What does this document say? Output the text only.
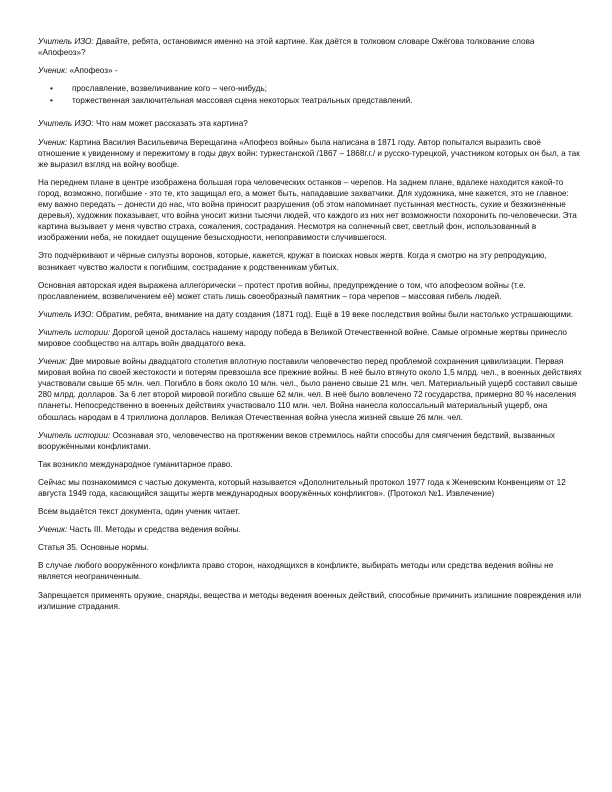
Учитель ИЗО: Давайте, ребята, остановимся именно на этой картине. Как даётся в толковом словаре Ожёгова толкование слова «Апофеоз»?

Ученик: «Апофеоз» -

• прославление, возвеличивание кого – чего-нибудь;
• торжественная заключительная массовая сцена некоторых театральных представлений.

Учитель ИЗО: Что нам может рассказать эта картина?

Ученик: Картина Василия Васильевича Верещагина «Апофеоз войны» была написана в 1871 году. Автор попытался выразить своё отношение к увиденному и пережитому в годы двух войн: туркестанской /1867 – 1868г.г./ и русско-турецкой, участником которых он был, а так же выразил взгляд на войну вообще.

На переднем плане в центре изображена большая гора человеческих останков – черепов. На заднем плане, вдалеке находится какой-то город, возможно, погибшие - это те, кто защищал его, а может быть, нападавшие захватчики. Для художника, мне кажется, это не главное: ему важно передать – донести до нас, что война приносит разрушения (об этом напоминает пустынная местность, сухие и безжизненные деревья), художник показывает, что война уносит жизни тысячи людей, что каждого из них нет возможности похоронить по-человечески. Эта картина вызывает у меня чувство страха, сожаления, сострадания. Несмотря на солнечный свет, светлый фон, использованный в изображении неба, не покидает ощущение безысходности, непоправимости случившегося.

Это подчёркивают и чёрные силуэты воронов, которые, кажется, кружат в поисках новых жертв. Когда я смотрю на эту репродукцию, возникает чувство жалости к погибшим, сострадание к родственникам убитых.

Основная авторская идея выражена аллегорически – протест против войны, предупреждение о том, что апофеозом войны (т.е. прославлением, возвеличением её) может стать лишь своеобразный памятник – гора черепов – массовая гибель людей.

Учитель ИЗО: Обратим, ребята, внимание на дату создания (1871 год). Ещё в 19 веке последствия войны были настолько устрашающими.

Учитель истории: Дорогой ценой досталась нашему народу победа в Великой Отечественной войне. Самые огромные жертвы принесло мировое сообщество на алтарь войн двадцатого века.

Ученик: Две мировые войны двадцатого столетия вплотную поставили человечество перед проблемой сохранения цивилизации. Первая мировая война по своей жестокости и потерям превзошла все прежние войны. В неё было втянуто около 1,5 млрд. чел., в военных действиях участвовали свыше 65 млн. чел. Погибло в боях около 10 млн. чел., было ранено свыше 21 млн. чел. Материальный ущерб составил свыше 280 млрд. долларов. За 6 лет второй мировой погибло свыше 62 млн. чел. В неё было вовлечено 72 государства, примерно 80 % населения планеты. Непосредственно в военных действиях участвовало 110 млн. чел. Война нанесла колоссальный материальный ущерб, она обошлась народам в 4 триллиона долларов. Великая Отечественная война унесла жизней свыше 26 млн. чел.

Учитель истории: Осознавая это, человечество на протяжении веков стремилось найти способы для смягчения бедствий, вызванных вооружёнными конфликтами.

Так возникло международное гуманитарное право.

Сейчас мы познакомимся с частью документа, который называется «Дополнительный протокол 1977 года к Женевским Конвенциям от 12 августа 1949 года, касающийся защиты жертв международных вооружённых конфликтов». (Протокол №1. Извлечение)

Всем выдаётся текст документа, один ученик читает.

Ученик: Часть III. Методы и средства ведения войны.

Статья 35. Основные нормы.

В случае любого вооружённого конфликта право сторон, находящихся в конфликте, выбирать методы или средства ведения войны не является неограниченным.

Запрещается применять оружие, снаряды, вещества и методы ведения военных действий, способные причинить излишние повреждения или излишние страдания.
